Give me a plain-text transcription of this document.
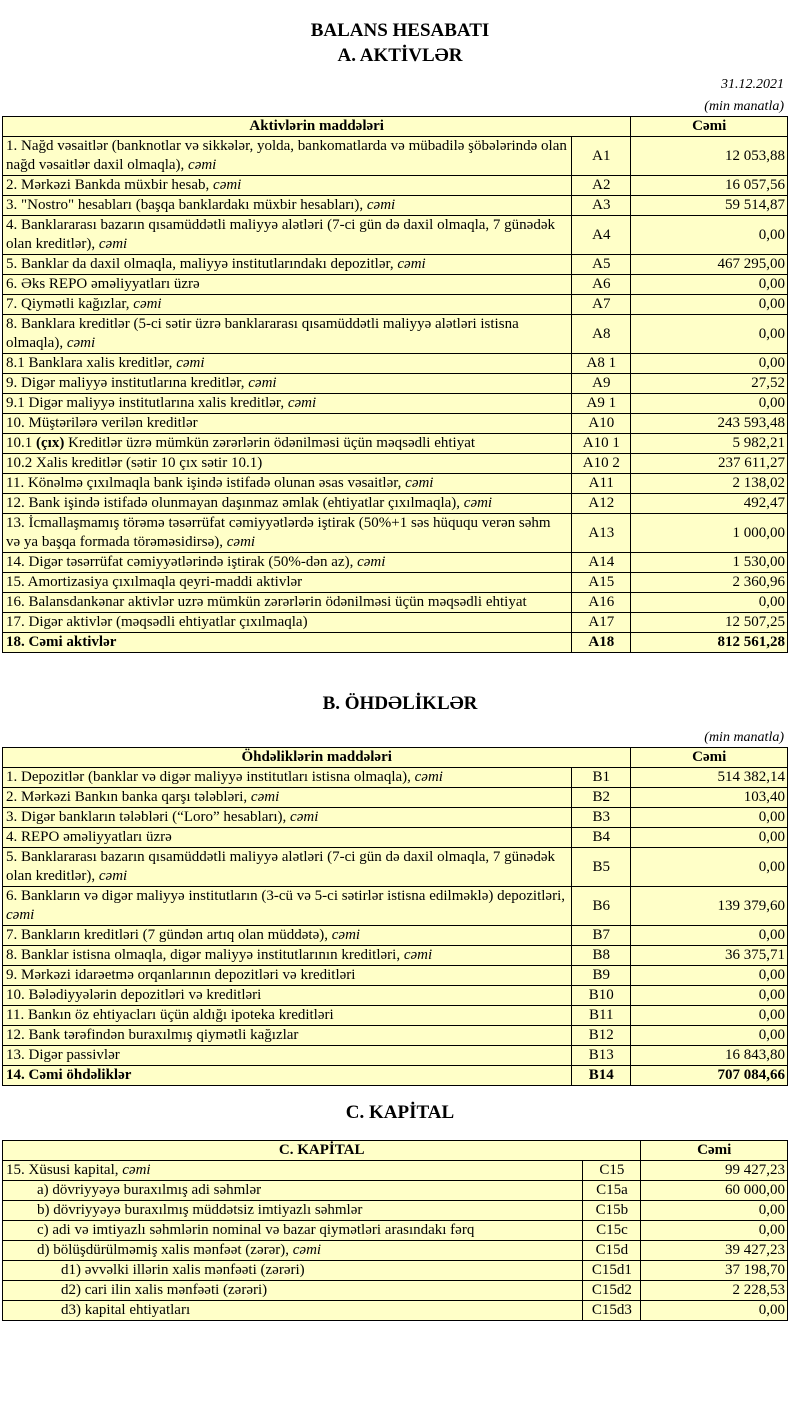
BALANS HESABATI
A. AKTİVLƏR
31.12.2021
(min manatla)
Aktivlərin maddələri		Cəmi
1. Nağd vəsaitlər (banknotlar və sikkələr, yolda, bankomatlarda və mübadilə şöbələrində olan nağd vəsaitlər daxil olmaqla), cəmi	A1	12 053,88
2. Mərkəzi Bankda müxbir hesab, cəmi	A2	16 057,56
3. "Nostro" hesabları (başqa banklardakı müxbir hesabları), cəmi	A3	59 514,87
4. Banklararası bazarın qısamüddətli maliyyə alətləri (7-ci gün də daxil olmaqla, 7 günədək olan kreditlər), cəmi	A4	0,00
5. Banklar da daxil olmaqla, maliyyə institutlarındakı depozitlər, cəmi	A5	467 295,00
6. Əks REPO əməliyyatları üzrə	A6	0,00
7. Qiymətli kağızlar, cəmi	A7	0,00
8. Banklara kreditlər (5-ci sətir üzrə banklararası qısamüddətli maliyyə alətləri istisna olmaqla), cəmi	A8	0,00
8.1 Banklara xalis kreditlər, cəmi	A8 1	0,00
9. Digər maliyyə institutlarına kreditlər, cəmi	A9	27,52
9.1 Digər maliyyə institutlarına xalis kreditlər, cəmi	A9 1	0,00
10. Müştərilərə verilən kreditlər	A10	243 593,48
10.1 (çıx) Kreditlər üzrə mümkün zərərlərin ödənilməsi üçün məqsədli ehtiyat	A10 1	5 982,21
10.2 Xalis kreditlər (sətir 10 çıx sətir 10.1)	A10 2	237 611,27
11. Könəlmə çıxılmaqla bank işində istifadə olunan əsas vəsaitlər, cəmi	A11	2 138,02
12. Bank işində istifadə olunmayan daşınmaz əmlak (ehtiyatlar çıxılmaqla), cəmi	A12	492,47
13. İcmallaşmamış törəmə təsərrüfat cəmiyyətlərdə iştirak (50%+1 səs hüququ verən səhm və ya başqa formada törəməsidirsə), cəmi	A13	1 000,00
14. Digər təsərrüfat cəmiyyətlərində iştirak (50%-dən az), cəmi	A14	1 530,00
15. Amortizasiya çıxılmaqla qeyri-maddi aktivlər	A15	2 360,96
16. Balansdankənar aktivlər uzrə mümkün zərərlərin ödənilməsi üçün məqsədli ehtiyat	A16	0,00
17. Digər aktivlər (məqsədli ehtiyatlar çıxılmaqla)	A17	12 507,25
18. Cəmi aktivlər	A18	812 561,28
B. ÖHDƏLİKLƏR
(min manatla)
Öhdəliklərin maddələri		Cəmi
1. Depozitlər (banklar və digər maliyyə institutları istisna olmaqla), cəmi	B1	514 382,14
2. Mərkəzi Bankın banka qarşı tələbləri, cəmi	B2	103,40
3. Digər bankların tələbləri (“Loro” hesabları), cəmi	B3	0,00
4. REPO əməliyyatları üzrə	B4	0,00
5. Banklararası bazarın qısamüddətli maliyyə alətləri (7-ci gün də daxil olmaqla, 7 günədək olan kreditlər), cəmi	B5	0,00
6. Bankların və digər maliyyə institutların (3-cü və 5-ci sətirlər istisna edilməklə) depozitləri, cəmi	B6	139 379,60
7. Bankların kreditləri (7 gündən artıq olan müddətə), cəmi	B7	0,00
8. Banklar istisna olmaqla, digər maliyyə institutlarının kreditləri, cəmi	B8	36 375,71
9. Mərkəzi idarəetmə orqanlarının depozitləri və kreditləri	B9	0,00
10. Bələdiyyələrin depozitləri və kreditləri	B10	0,00
11. Bankın öz ehtiyacları üçün aldığı ipoteka kreditləri	B11	0,00
12. Bank tərəfindən buraxılmış qiymətli kağızlar	B12	0,00
13. Digər passivlər	B13	16 843,80
14. Cəmi öhdəliklər	B14	707 084,66
C. KAPİTAL
C. KAPİTAL		Cəmi
15. Xüsusi kapital, cəmi	C15	99 427,23
a) dövriyyəyə buraxılmış adi səhmlər	C15a	60 000,00
b) dövriyyəyə buraxılmış müddətsiz imtiyazlı səhmlər	C15b	0,00
c) adi və imtiyazlı səhmlərin nominal və bazar qiymətləri arasındakı fərq	C15c	0,00
d) bölüşdürülməmiş xalis mənfəət (zərər), cəmi	C15d	39 427,23
d1) əvvəlki illərin xalis mənfəəti (zərəri)	C15d1	37 198,70
d2) cari ilin xalis mənfəəti (zərəri)	C15d2	2 228,53
d3) kapital ehtiyatları	C15d3	0,00
